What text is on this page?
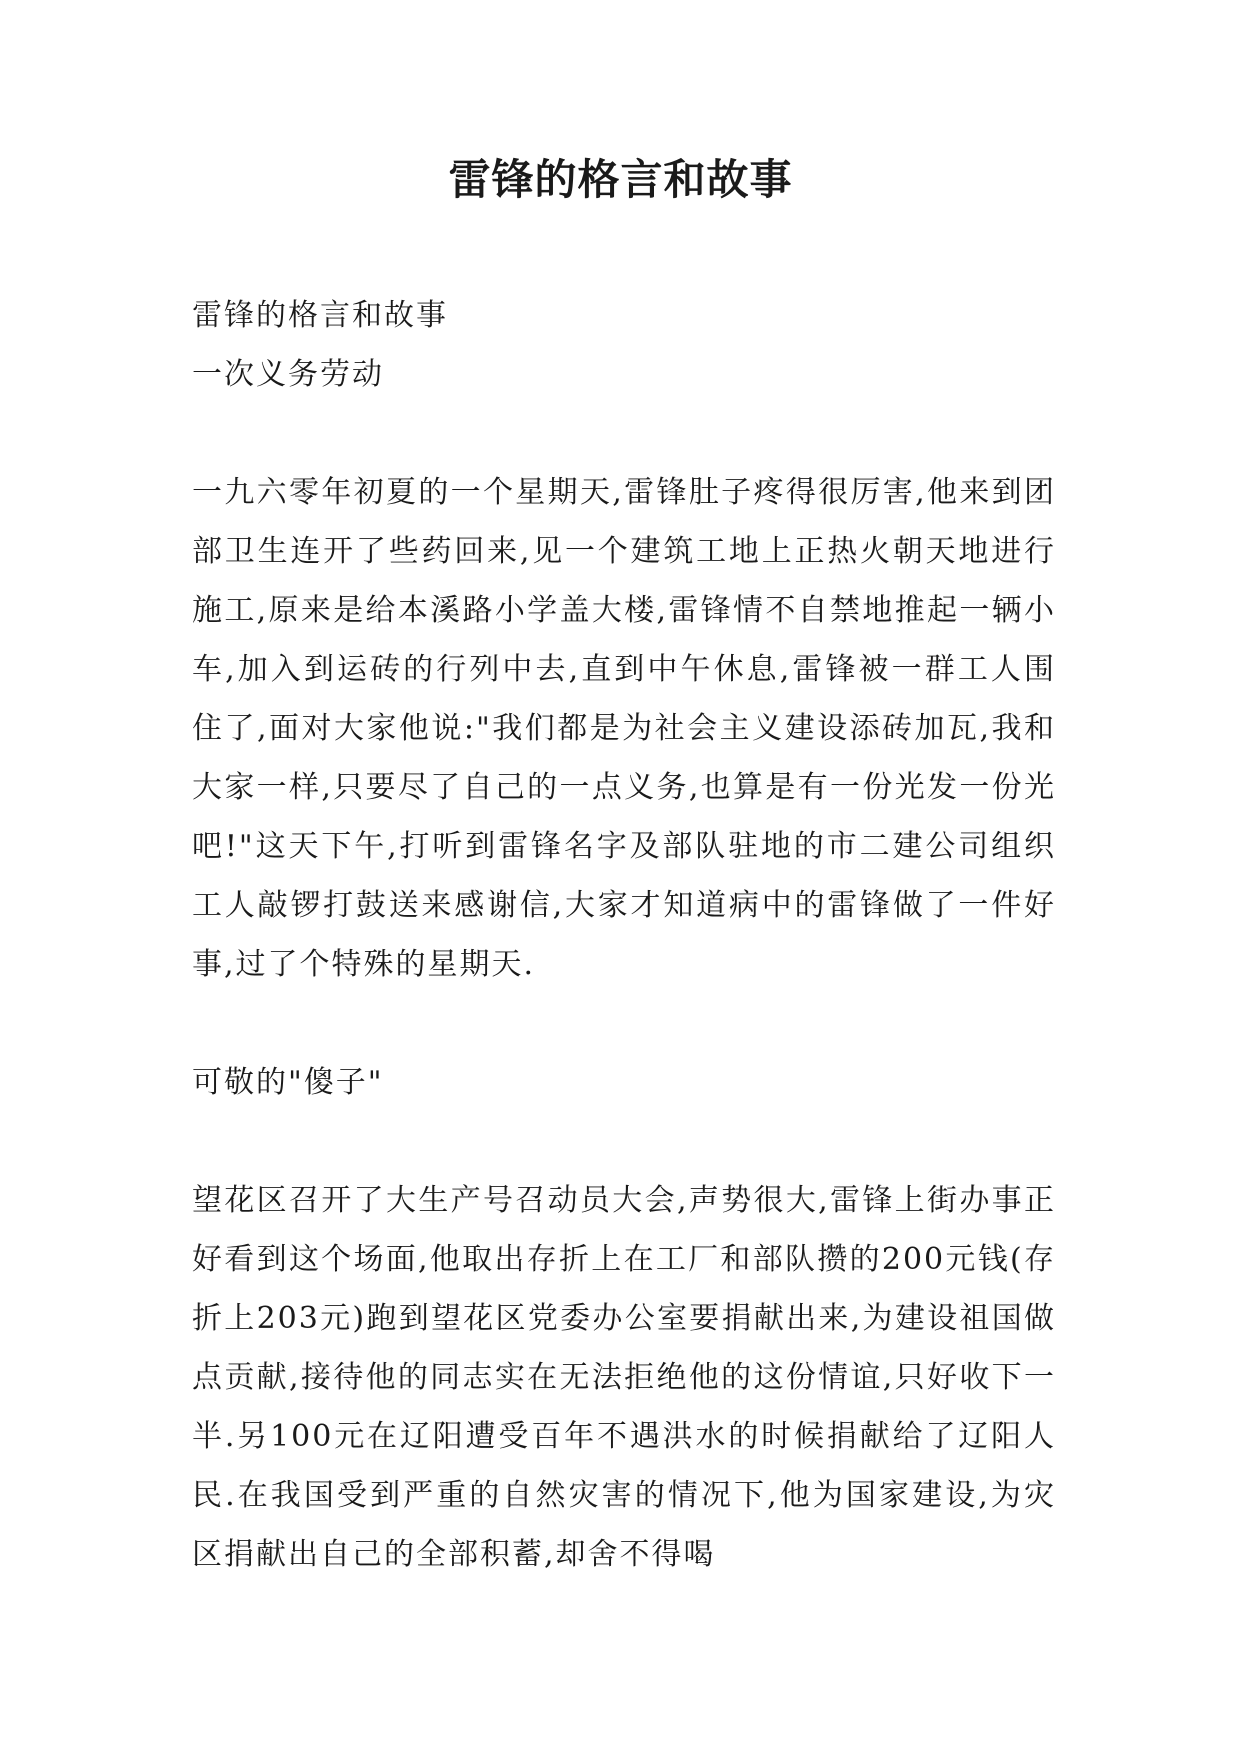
雷锋的格言和故事

雷锋的格言和故事

一次义务劳动

一九六零年初夏的一个星期天,雷锋肚子疼得很厉害,他来到团部卫生连开了些药回来,见一个建筑工地上正热火朝天地进行施工,原来是给本溪路小学盖大楼,雷锋情不自禁地推起一辆小车,加入到运砖的行列中去,直到中午休息,雷锋被一群工人围住了,面对大家他说:"我们都是为社会主义建设添砖加瓦,我和大家一样,只要尽了自己的一点义务,也算是有一份光发一份光吧!"这天下午,打听到雷锋名字及部队驻地的市二建公司组织工人敲锣打鼓送来感谢信,大家才知道病中的雷锋做了一件好事,过了个特殊的星期天.

可敬的"傻子"

望花区召开了大生产号召动员大会,声势很大,雷锋上街办事正好看到这个场面,他取出存折上在工厂和部队攒的200元钱(存折上203元)跑到望花区党委办公室要捐献出来,为建设祖国做点贡献,接待他的同志实在无法拒绝他的这份情谊,只好收下一半.另100元在辽阳遭受百年不遇洪水的时候捐献给了辽阳人民.在我国受到严重的自然灾害的情况下,他为国家建设,为灾区捐献出自己的全部积蓄,却舍不得喝
